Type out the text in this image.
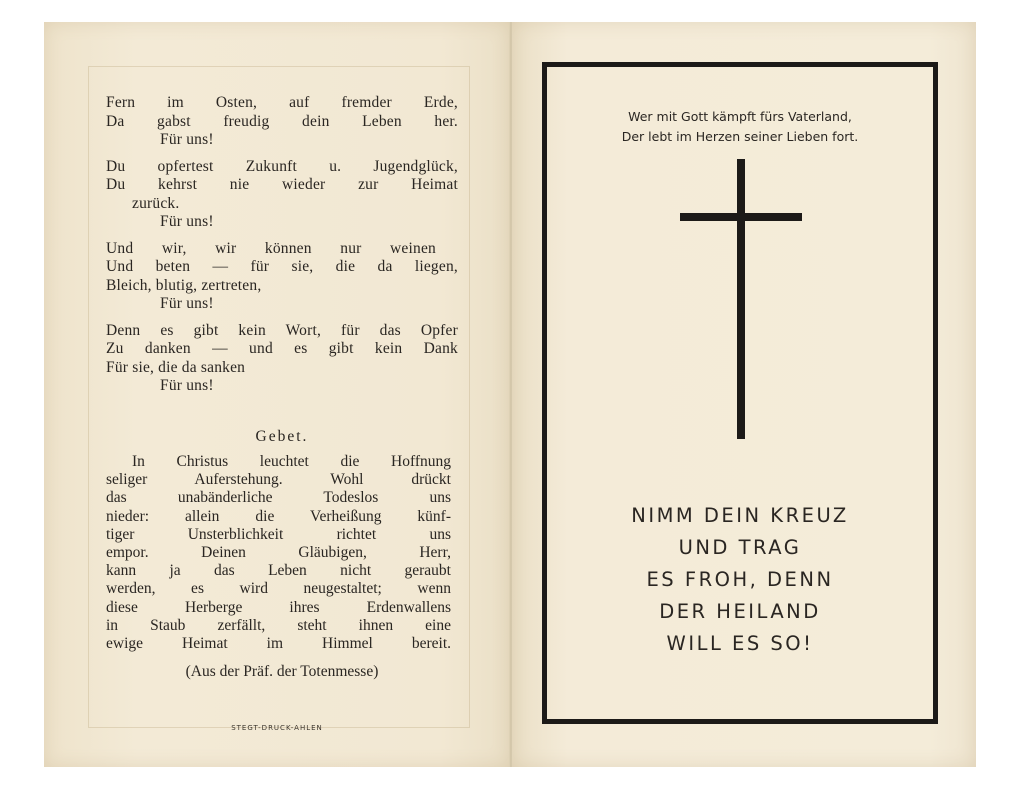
Fern im Osten, auf fremder Erde,
Da gabst freudig dein Leben her.
Für uns!
Du opfertest Zukunft u. Jugendglück,
Du kehrst nie wieder zur Heimat
zurück.
Für uns!
Und wir, wir können nur weinen
Und beten — für sie, die da liegen,
Bleich, blutig, zertreten,
Für uns!
Denn es gibt kein Wort, für das Opfer
Zu danken — und es gibt kein Dank
Für sie, die da sanken
Für uns!
Gebet.
In Christus leuchtet die Hoffnung
seliger Auferstehung. Wohl drückt
das unabänderliche Todeslos uns
nieder: allein die Verheißung künf-
tiger Unsterblichkeit richtet uns
empor. Deinen Gläubigen, Herr,
kann ja das Leben nicht geraubt
werden, es wird neugestaltet; wenn
diese Herberge ihres Erdenwallens
in Staub zerfällt, steht ihnen eine
ewige Heimat im Himmel bereit.
(Aus der Präf. der Totenmesse)
STEGT-DRUCK-AHLEN
Wer mit Gott kämpft fürs Vaterland,
Der lebt im Herzen seiner Lieben fort.
NIMM DEIN KREUZ
UND TRAG
ES FROH, DENN
DER HEILAND
WILL ES SO!
